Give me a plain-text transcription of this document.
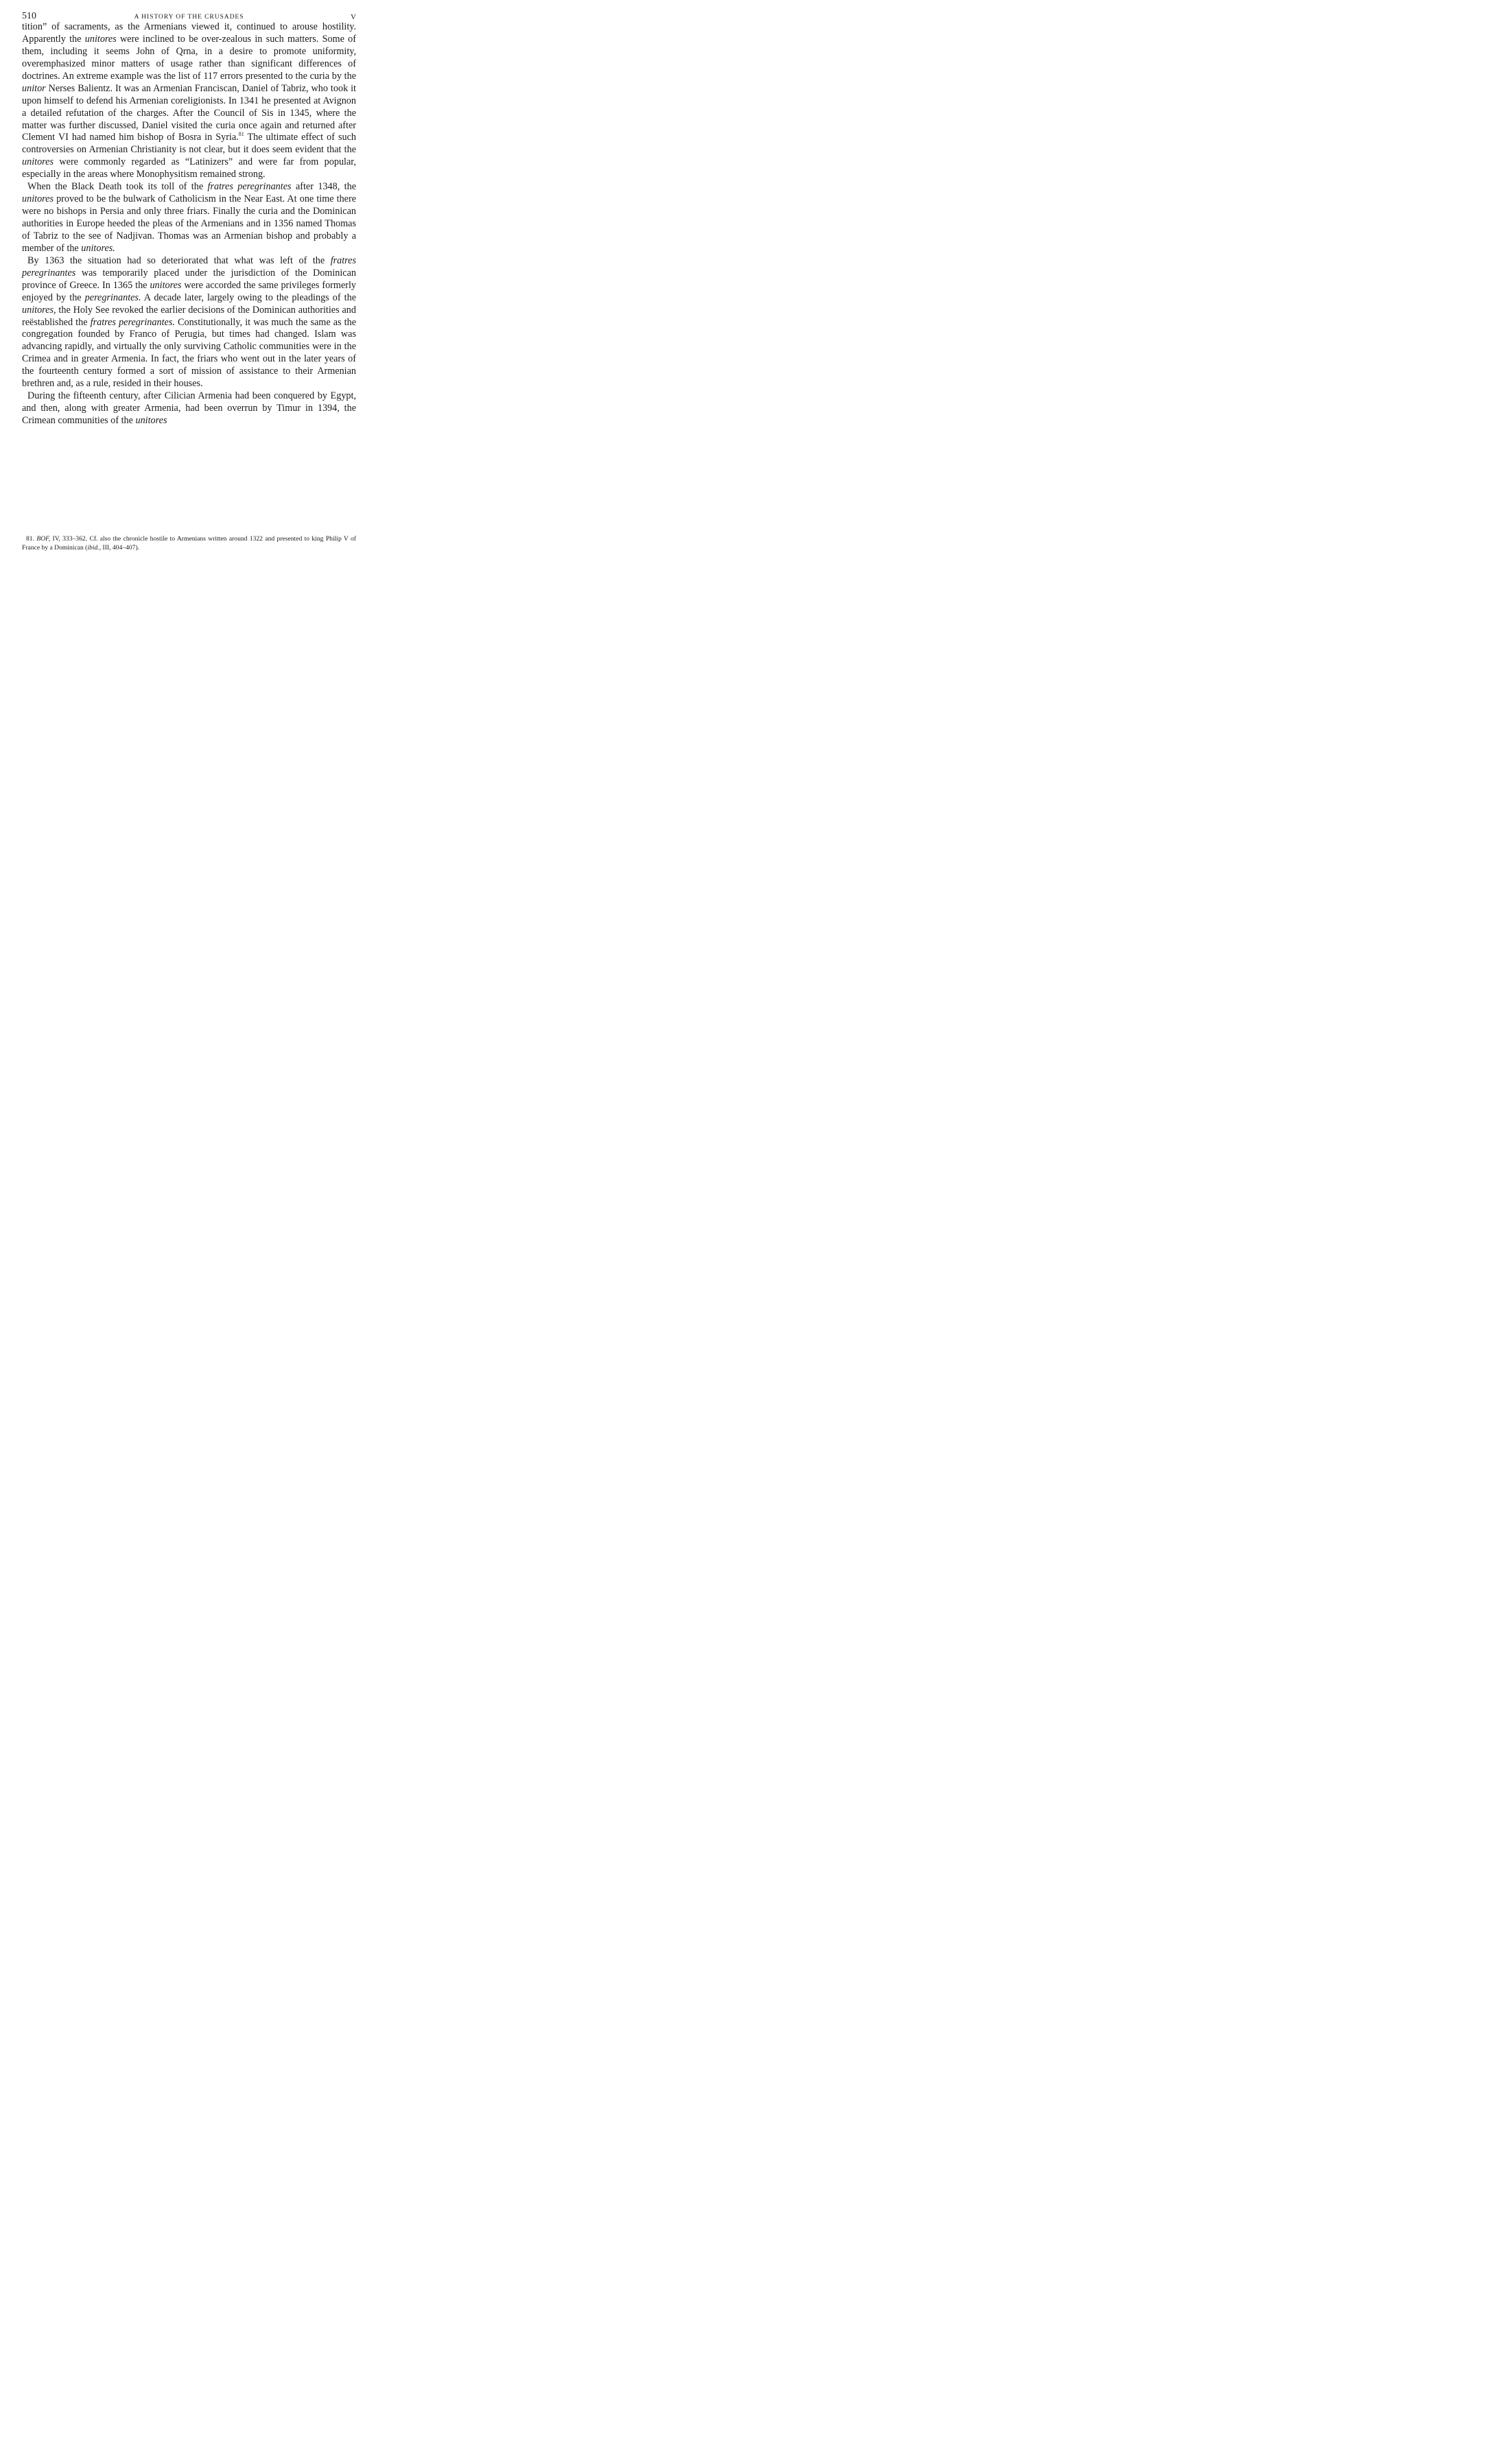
510	A HISTORY OF THE CRUSADES	V

tition” of sacraments, as the Armenians viewed it, continued to arouse hostility. Apparently the unitores were inclined to be over-zealous in such matters. Some of them, including it seems John of Qrna, in a desire to promote uniformity, overemphasized minor matters of usage rather than significant differences of doctrines. An extreme example was the list of 117 errors presented to the curia by the unitor Nerses Balientz. It was an Armenian Franciscan, Daniel of Tabriz, who took it upon himself to defend his Armenian coreligionists. In 1341 he presented at Avignon a detailed refutation of the charges. After the Council of Sis in 1345, where the matter was further discussed, Daniel visited the curia once again and returned after Clement VI had named him bishop of Bosra in Syria.$^{81}$ The ultimate effect of such controversies on Armenian Christianity is not clear, but it does seem evident that the unitores were commonly regarded as “Latinizers” and were far from popular, especially in the areas where Monophysitism remained strong.

When the Black Death took its toll of the fratres peregrinantes after 1348, the unitores proved to be the bulwark of Catholicism in the Near East. At one time there were no bishops in Persia and only three friars. Finally the curia and the Dominican authorities in Europe heeded the pleas of the Armenians and in 1356 named Thomas of Tabriz to the see of Nadjivan. Thomas was an Armenian bishop and probably a member of the unitores.

By 1363 the situation had so deteriorated that what was left of the fratres peregrinantes was temporarily placed under the jurisdiction of the Dominican province of Greece. In 1365 the unitores were accorded the same privileges formerly enjoyed by the peregrinantes. A decade later, largely owing to the pleadings of the unitores, the Holy See revoked the earlier decisions of the Dominican authorities and reëstablished the fratres peregrinantes. Constitutionally, it was much the same as the congregation founded by Franco of Perugia, but times had changed. Islam was advancing rapidly, and virtually the only surviving Catholic communities were in the Crimea and in greater Armenia. In fact, the friars who went out in the later years of the fourteenth century formed a sort of mission of assistance to their Armenian brethren and, as a rule, resided in their houses.

During the fifteenth century, after Cilician Armenia had been conquered by Egypt, and then, along with greater Armenia, had been overrun by Timur in 1394, the Crimean communities of the unitores

81. BOF, IV, 333–362. Cf. also the chronicle hostile to Armenians written around 1322 and presented to king Philip V of France by a Dominican (ibid., III, 404–407).
